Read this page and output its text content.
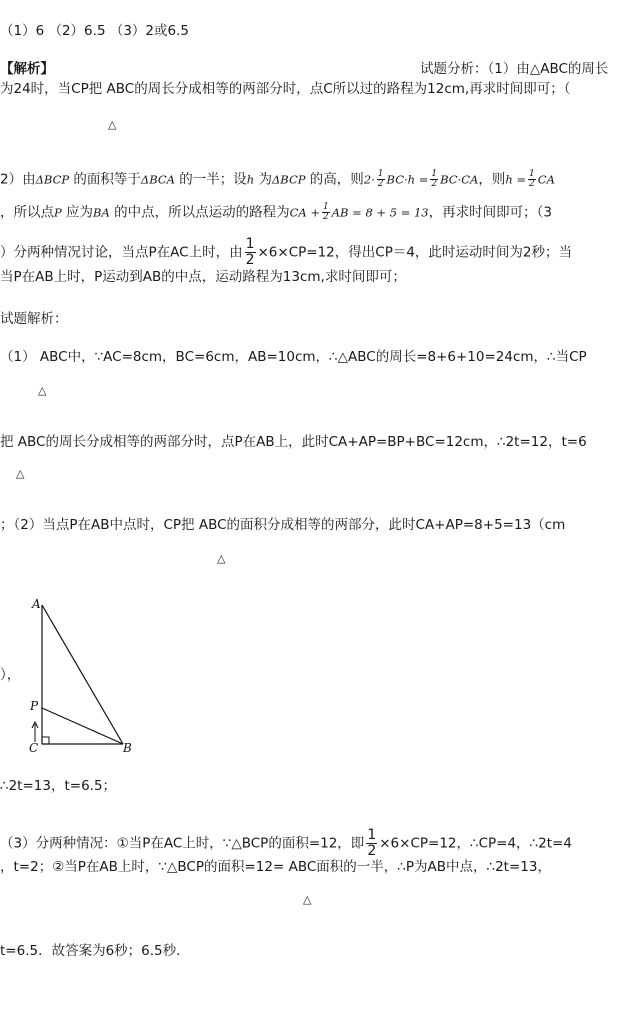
（1）6 （2）6.5 （3）2或6.5
【解析】	试题分析：（1）由△ABC的周长
为24时，当CP把 ABC的周长分成相等的两部分时，点C所以过的路程为12cm,再求时间即可；（
△
2）由ΔBCP 的面积等于ΔBCA 的一半；设h 为ΔBCP 的高，则$2\cdot \frac{1}{2} BC\cdot h = \frac{1}{2} BC\cdot CA$，则$h = \frac{1}{2}$ CA
，所以点P 应为BA 的中点，所以点运动的路程为CA + $\frac{1}{2}$ AB = 8 + 5 = 13，再求时间即可；（3
）分两种情况讨论，当点P在AC上时，由 $\frac{1}{2} \times 6\times CP=12$，得出CP＝4，此时运动时间为2秒；当
当P在AB上时，P运动到AB的中点，运动路程为13cm,求时间即可；
试题解析：
（1） ABC中，∵AC=8cm，BC=6cm，AB=10cm，∴△ABC的周长=8+6+10=24cm，∴当CP
△
把 ABC的周长分成相等的两部分时，点P在AB上，此时CA+AP=BP+BC=12cm，∴2t=12，t=6
△
；（2）当点P在AB中点时，CP把 ABC的面积分成相等的两部分，此时CA+AP=8+5=13（cm
△
A
P
C	B
），
∴2t=13，t=6.5；
（3）分两种情况：①当P在AC上时，∵△BCP的面积=12，即 $\frac{1}{2} \times 6\times CP=12$，∴CP=4，∴2t=4
，t=2；②当P在AB上时，∵△BCP的面积=12= ABC面积的一半，∴P为AB中点，∴2t=13，
△
t=6.5．故答案为6秒；6.5秒．
